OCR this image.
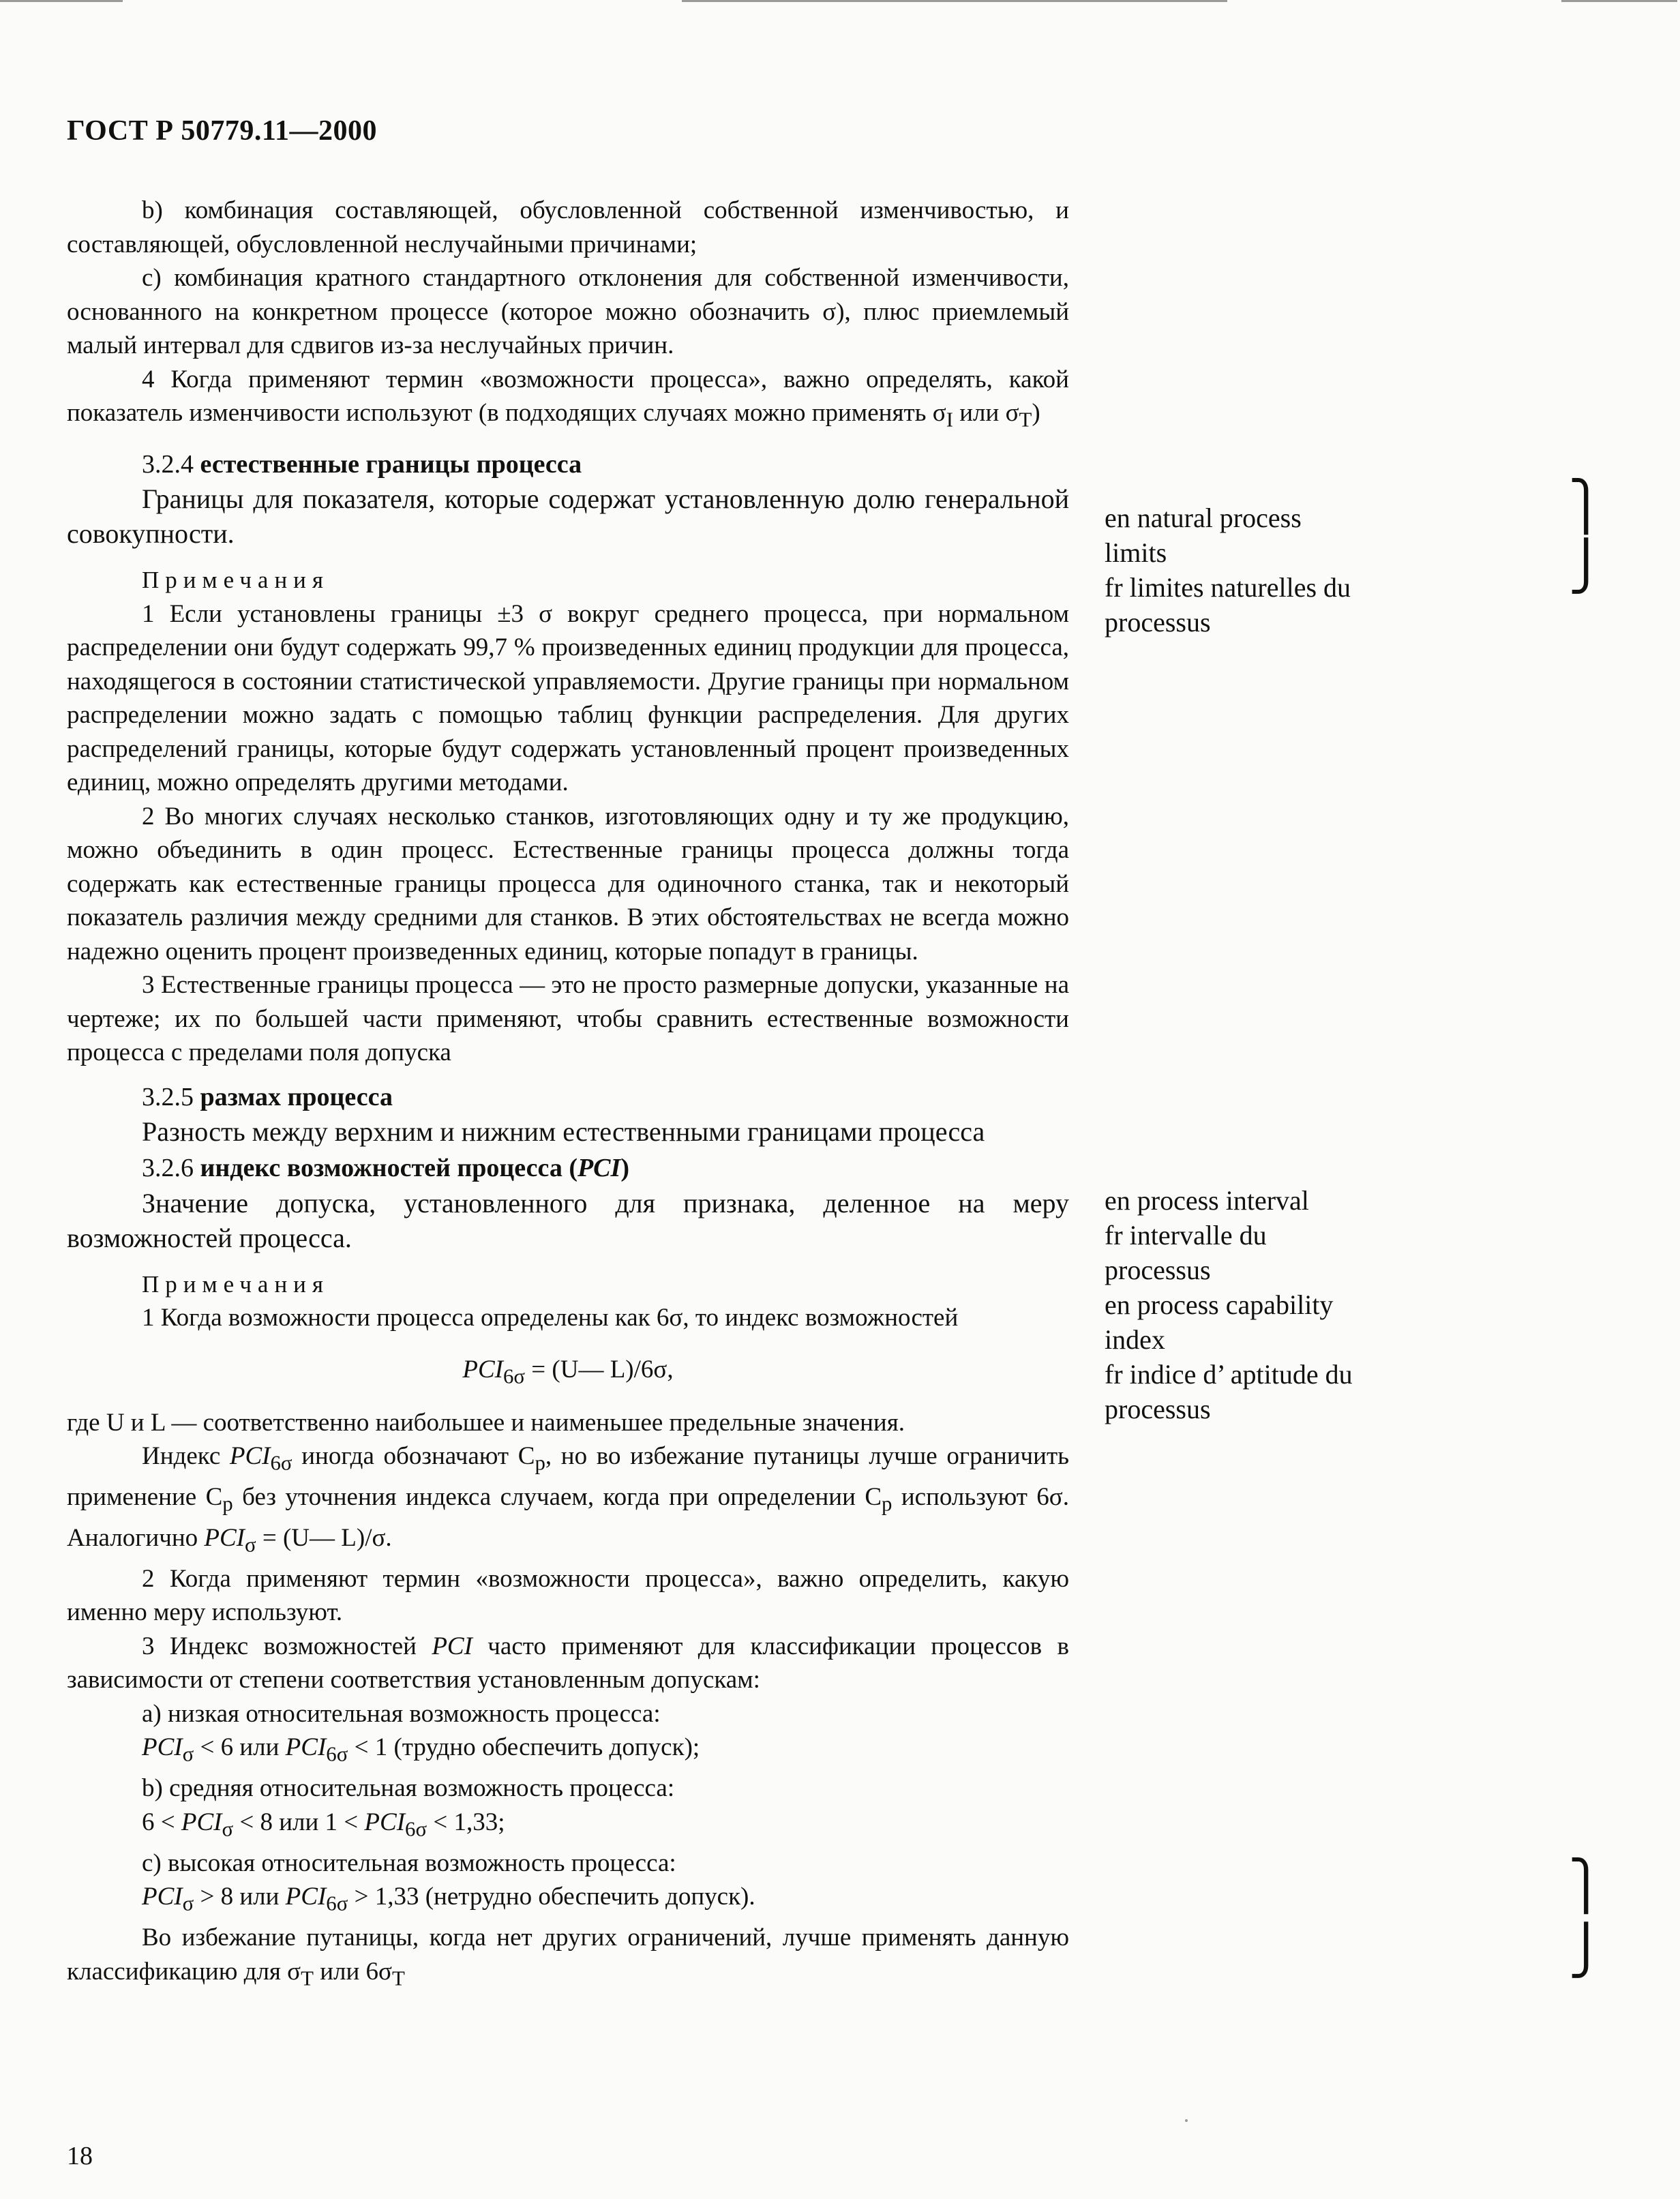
ГОСТ Р 50779.11—2000

b) комбинация составляющей, обусловленной собственной изменчивостью, и составляющей, обусловленной неслучайными причинами;

c) комбинация кратного стандартного отклонения для собственной изменчивости, основанного на конкретном процессе (которое можно обозначить σ), плюс приемлемый малый интервал для сдвигов из-за неслучайных причин.

4 Когда применяют термин «возможности процесса», важно определять, какой показатель изменчивости используют (в подходящих случаях можно применять $\sigma_I$ или $\sigma_T$)

3.2.4 естественные границы процесса

Границы для показателя, которые содержат установленную долю генеральной совокупности.

Примечания

1 Если установлены границы ±3 σ вокруг среднего процесса, при нормальном распределении они будут содержать 99,7 % произведенных единиц продукции для процесса, находящегося в состоянии статистической управляемости. Другие границы при нормальном распределении можно задать с помощью таблиц функции распределения. Для других распределений границы, которые будут содержать установленный процент произведенных единиц, можно определять другими методами.

2 Во многих случаях несколько станков, изготовляющих одну и ту же продукцию, можно объединить в один процесс. Естественные границы процесса должны тогда содержать как естественные границы процесса для одиночного станка, так и некоторый показатель различия между средними для станков. В этих обстоятельствах не всегда можно надежно оценить процент произведенных единиц, которые попадут в границы.

3 Естественные границы процесса — это не просто размерные допуски, указанные на чертеже; их по большей части применяют, чтобы сравнить естественные возможности процесса с пределами поля допуска

3.2.5 размах процесса

Разность между верхним и нижним естественными границами процесса

3.2.6 индекс возможностей процесса (PCI)

Значение допуска, установленного для признака, деленное на меру возможностей процесса.

Примечания

1 Когда возможности процесса определены как 6σ, то индекс возможностей

$PCI_{6\sigma}$ = (U— L)/6σ,

где U и L — соответственно наибольшее и наименьшее предельные значения.

Индекс $PCI_{6\sigma}$ иногда обозначают $C_p$, но во избежание путаницы лучше ограничить применение $C_p$ без уточнения индекса случаем, когда при определении $C_p$ используют 6σ. Аналогично $PCI_\sigma$ = (U— L)/σ.

2 Когда применяют термин «возможности процесса», важно определить, какую именно меру используют.

3 Индекс возможностей PCI часто применяют для классификации процессов в зависимости от степени соответствия установленным допускам:

a) низкая относительная возможность процесса:

$PCI_\sigma < 6$ или $PCI_{6\sigma} < 1$ (трудно обеспечить допуск);

b) средняя относительная возможность процесса:

$6 < PCI_\sigma < 8$ или $1 < PCI_{6\sigma} < 1,33$;

c) высокая относительная возможность процесса:

$PCI_\sigma > 8$ или $PCI_{6\sigma} > 1,33$ (нетрудно обеспечить допуск).

Во избежание путаницы, когда нет других ограничений, лучше применять данную классификацию для $\sigma_T$ или $6\sigma_T$

en natural process
limits
fr limites naturelles du
processus
en process interval
fr intervalle du
processus
en process capability
index
fr indice d’ aptitude du
processus
⎫
⎭
⎫
⎭
18
